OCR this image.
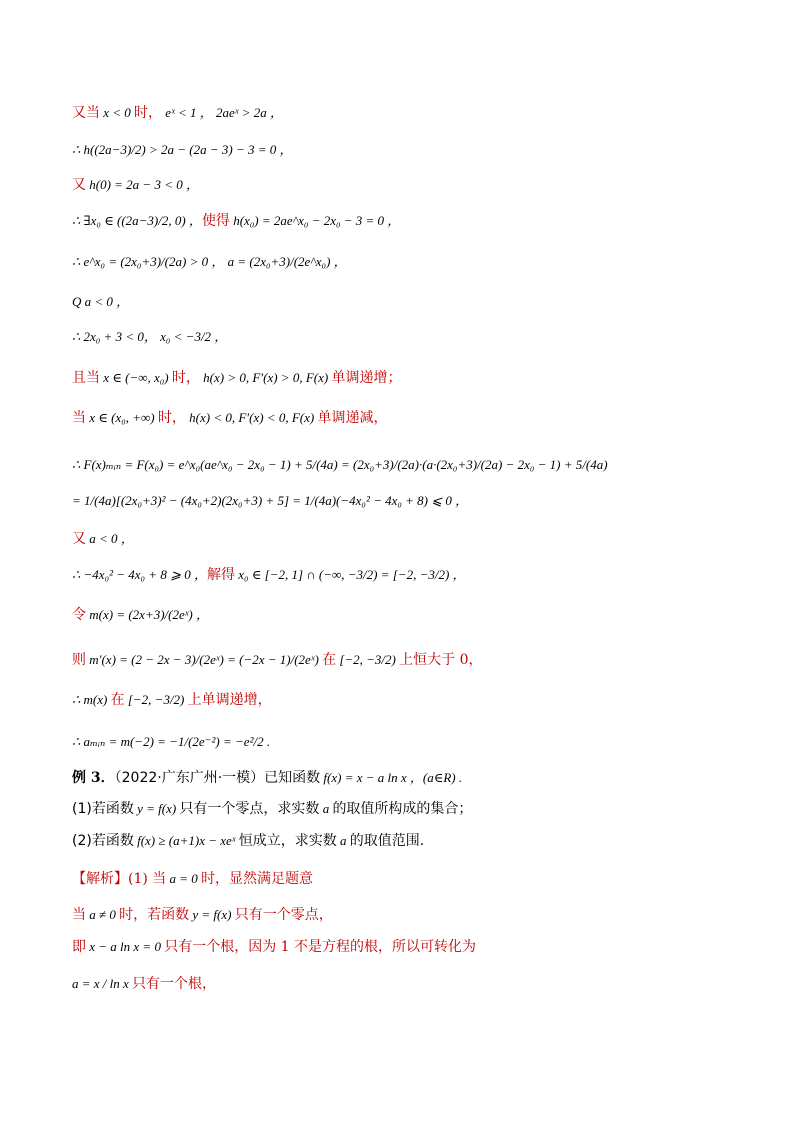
又当 x < 0 时， eˣ < 1 ， 2aeˣ > 2a ，
∴ h((2a−3)/2) > 2a − (2a − 3) − 3 = 0 ，
又 h(0) = 2a − 3 < 0 ，
∴ ∃x₀ ∈ ((2a−3)/2, 0) ，使得 h(x₀) = 2ae^x₀ − 2x₀ − 3 = 0 ，
∴ e^x₀ = (2x₀+3)/(2a) > 0 ， a = (2x₀+3)/(2e^x₀) ，
Q a < 0 ，
∴ 2x₀ + 3 < 0， x₀ < −3/2 ，
且当 x ∈ (−∞, x₀) 时， h(x) > 0, F′(x) > 0, F(x) 单调递增；
当 x ∈ (x₀, +∞) 时， h(x) < 0, F′(x) < 0, F(x) 单调递减，
∴ F(x)ₘᵢₙ = F(x₀) = e^x₀(ae^x₀ − 2x₀ − 1) + 5/(4a) = (2x₀+3)/(2a)·(a·(2x₀+3)/(2a) − 2x₀ − 1) + 5/(4a)
= 1/(4a)[(2x₀+3)² − (4x₀+2)(2x₀+3) + 5] = 1/(4a)(−4x₀² − 4x₀ + 8) ⩽ 0 ，
又 a < 0 ，
∴ −4x₀² − 4x₀ + 8 ⩾ 0 ，解得 x₀ ∈ [−2, 1] ∩ (−∞, −3/2) = [−2, −3/2) ，
令 m(x) = (2x+3)/(2eˣ) ，
则 m′(x) = (2 − 2x − 3)/(2eˣ) = (−2x − 1)/(2eˣ) 在 [−2, −3/2) 上恒大于 0，
∴ m(x) 在 [−2, −3/2) 上单调递增，
∴ aₘᵢₙ = m(−2) = −1/(2e⁻²) = −e²/2 .
例 3．（2022·广东广州·一模）已知函数 f(x) = x − a ln x ，(a∈R) .
(1)若函数 y = f(x) 只有一个零点，求实数 a 的取值所构成的集合；
(2)若函数 f(x) ≥ (a+1)x − xeˣ 恒成立，求实数 a 的取值范围.
【解析】(1) 当 a = 0 时，显然满足题意
当 a ≠ 0 时，若函数 y = f(x) 只有一个零点，
即 x − a ln x = 0 只有一个根，因为 1 不是方程的根，所以可转化为
a = x / ln x 只有一个根，
